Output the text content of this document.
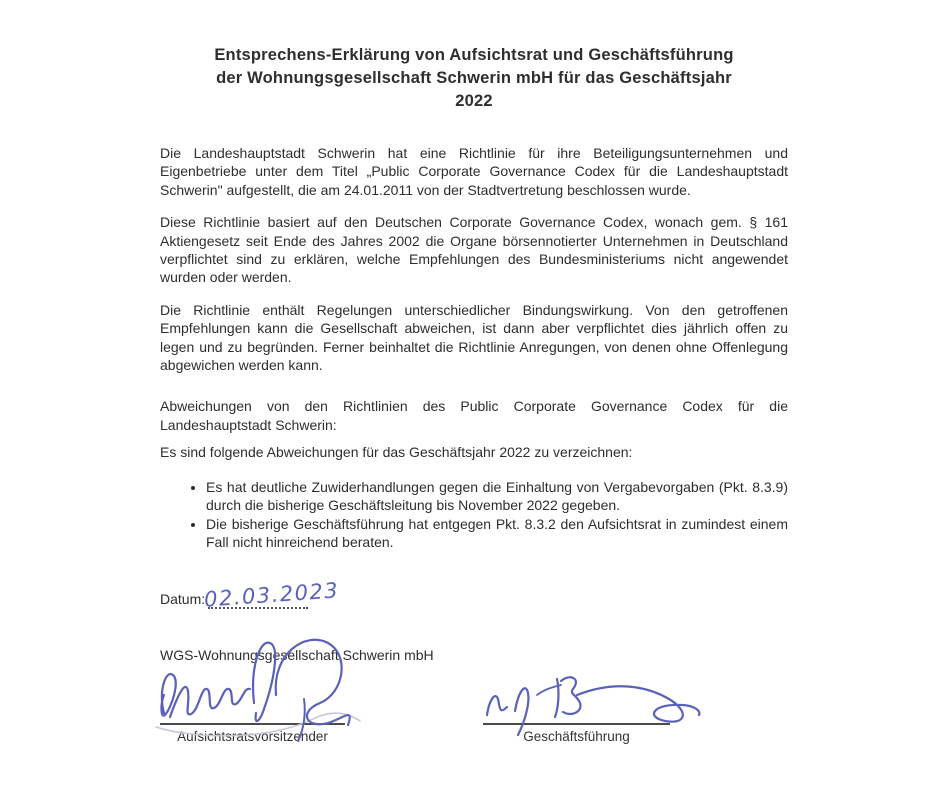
Entsprechens-Erklärung von Aufsichtsrat und Geschäftsführung
der Wohnungsgesellschaft Schwerin mbH für das Geschäftsjahr
2022
Die Landeshauptstadt Schwerin hat eine Richtlinie für ihre Beteiligungsunternehmen und Eigenbetriebe unter dem Titel „Public Corporate Governance Codex für die Landeshauptstadt Schwerin" aufgestellt, die am 24.01.2011 von der Stadtvertretung beschlossen wurde.
Diese Richtlinie basiert auf den Deutschen Corporate Governance Codex, wonach gem. § 161 Aktiengesetz seit Ende des Jahres 2002 die Organe börsennotierter Unternehmen in Deutschland verpflichtet sind zu erklären, welche Empfehlungen des Bundesministeriums nicht angewendet wurden oder werden.
Die Richtlinie enthält Regelungen unterschiedlicher Bindungswirkung. Von den getroffenen Empfehlungen kann die Gesellschaft abweichen, ist dann aber verpflichtet dies jährlich offen zu legen und zu begründen. Ferner beinhaltet die Richtlinie Anregungen, von denen ohne Offenlegung abgewichen werden kann.
Abweichungen von den Richtlinien des Public Corporate Governance Codex für die Landeshauptstadt Schwerin:
Es sind folgende Abweichungen für das Geschäftsjahr 2022 zu verzeichnen:
• Es hat deutliche Zuwiderhandlungen gegen die Einhaltung von Vergabevorgaben (Pkt. 8.3.9) durch die bisherige Geschäftsleitung bis November 2022 gegeben.
• Die bisherige Geschäftsführung hat entgegen Pkt. 8.3.2 den Aufsichtsrat in zumindest einem Fall nicht hinreichend beraten.
Datum:
02.03.2023
WGS-Wohnungsgesellschaft Schwerin mbH
Aufsichtsratsvorsitzender	Geschäftsführung
